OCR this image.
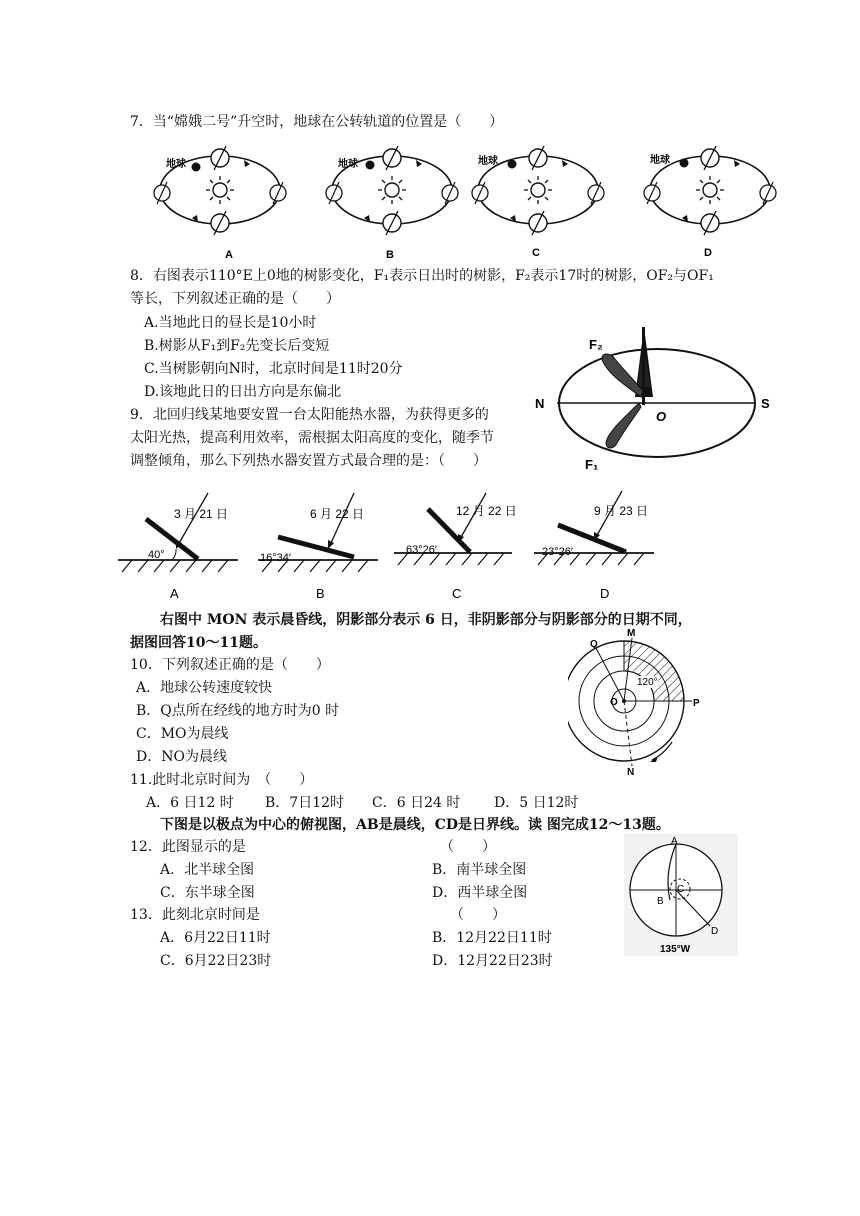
7．当“嫦娥二号”升空时，地球在公转轨道的位置是（　　）
地球
A
地球
B
地球
C
地球
D
8．右图表示110°E上0地的树影变化，F₁表示日出时的树影，F₂表示17时的树影，OF₂与OF₁
等长，下列叙述正确的是（　　）
A.当地此日的昼长是10小时
B.树影从F₁到F₂先变长后变短
C.当树影朝向N时，北京时间是11时20分
D.该地此日的日出方向是东偏北
N	S
O
F₂
F₁
9．北回归线某地要安置一台太阳能热水器，为获得更多的
太阳光热，提高利用效率，需根据太阳高度的变化，随季节
调整倾角，那么下列热水器安置方式最合理的是：（　　）
3 月 21 日
40°
A
6 月 22 日
16°34′
B
12 月 22 日
63°26′
C
9 月 23 日
23°26′
D
右图中 MON 表示晨昏线，阴影部分表示 6 日，非阴影部分与阴影部分的日期不同，
据图回答10～11题。
10．下列叙述正确的是（　　）
A．地球公转速度较快
B．Q点所在经线的地方时为0 时
C．MO为晨线
D．NO为晨线
Q
M
O	P
N
120°
11.此时北京时间为　（　　）
A．6 日12 时 B．7日12时 C．6 日24 时 D．5 日12时
下图是以极点为中心的俯视图，AB是晨线，CD是日界线。读 图完成12～13题。
12．此图显示的是	（　　）
A．北半球全图	B．南半球全图
C．东半球全图	D．西半球全图
13．此刻北京时间是	（　　）
A．6月22日11时	B．12月22日11时
C．6月22日23时	D．12月22日23时
A
B
C
D
135°W
